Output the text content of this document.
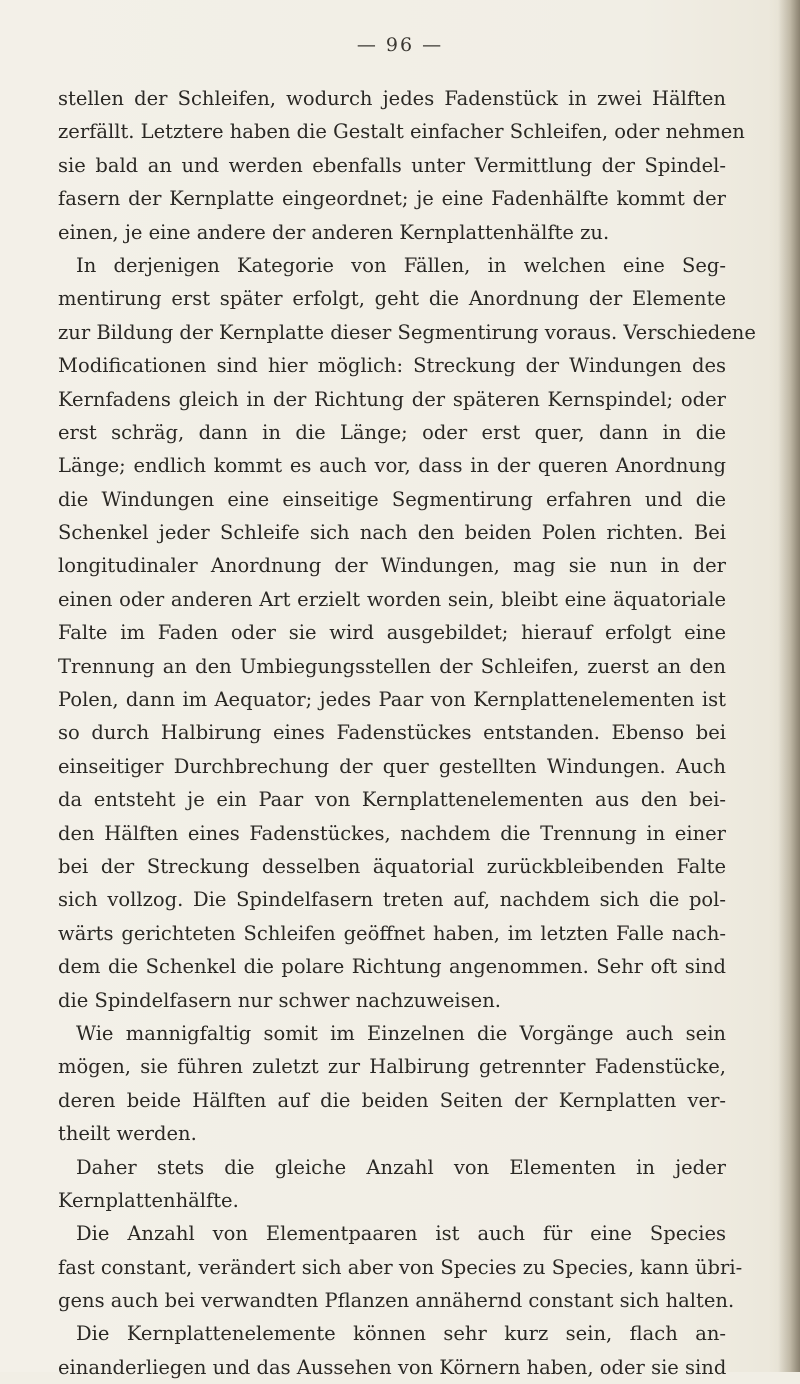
— 96 —
stellen der Schleifen, wodurch jedes Fadenstück in zwei Hälften
zerfällt. Letztere haben die Gestalt einfacher Schleifen, oder nehmen
sie bald an und werden ebenfalls unter Vermittlung der Spindel-
fasern der Kernplatte eingeordnet; je eine Fadenhälfte kommt der
einen, je eine andere der anderen Kernplattenhälfte zu.
In derjenigen Kategorie von Fällen, in welchen eine Seg-
mentirung erst später erfolgt, geht die Anordnung der Elemente
zur Bildung der Kernplatte dieser Segmentirung voraus. Verschiedene
Modificationen sind hier möglich: Streckung der Windungen des
Kernfadens gleich in der Richtung der späteren Kernspindel; oder
erst schräg, dann in die Länge; oder erst quer, dann in die
Länge; endlich kommt es auch vor, dass in der queren Anordnung
die Windungen eine einseitige Segmentirung erfahren und die
Schenkel jeder Schleife sich nach den beiden Polen richten. Bei
longitudinaler Anordnung der Windungen, mag sie nun in der
einen oder anderen Art erzielt worden sein, bleibt eine äquatoriale
Falte im Faden oder sie wird ausgebildet; hierauf erfolgt eine
Trennung an den Umbiegungsstellen der Schleifen, zuerst an den
Polen, dann im Aequator; jedes Paar von Kernplattenelementen ist
so durch Halbirung eines Fadenstückes entstanden. Ebenso bei
einseitiger Durchbrechung der quer gestellten Windungen. Auch
da entsteht je ein Paar von Kernplattenelementen aus den bei-
den Hälften eines Fadenstückes, nachdem die Trennung in einer
bei der Streckung desselben äquatorial zurückbleibenden Falte
sich vollzog. Die Spindelfasern treten auf, nachdem sich die pol-
wärts gerichteten Schleifen geöffnet haben, im letzten Falle nach-
dem die Schenkel die polare Richtung angenommen. Sehr oft sind
die Spindelfasern nur schwer nachzuweisen.
Wie mannigfaltig somit im Einzelnen die Vorgänge auch sein
mögen, sie führen zuletzt zur Halbirung getrennter Fadenstücke,
deren beide Hälften auf die beiden Seiten der Kernplatten ver-
theilt werden.
Daher stets die gleiche Anzahl von Elementen in jeder
Kernplattenhälfte.
Die Anzahl von Elementpaaren ist auch für eine Species
fast constant, verändert sich aber von Species zu Species, kann übri-
gens auch bei verwandten Pflanzen annähernd constant sich halten.
Die Kernplattenelemente können sehr kurz sein, flach an-
einanderliegen und das Aussehen von Körnern haben, oder sie sind
